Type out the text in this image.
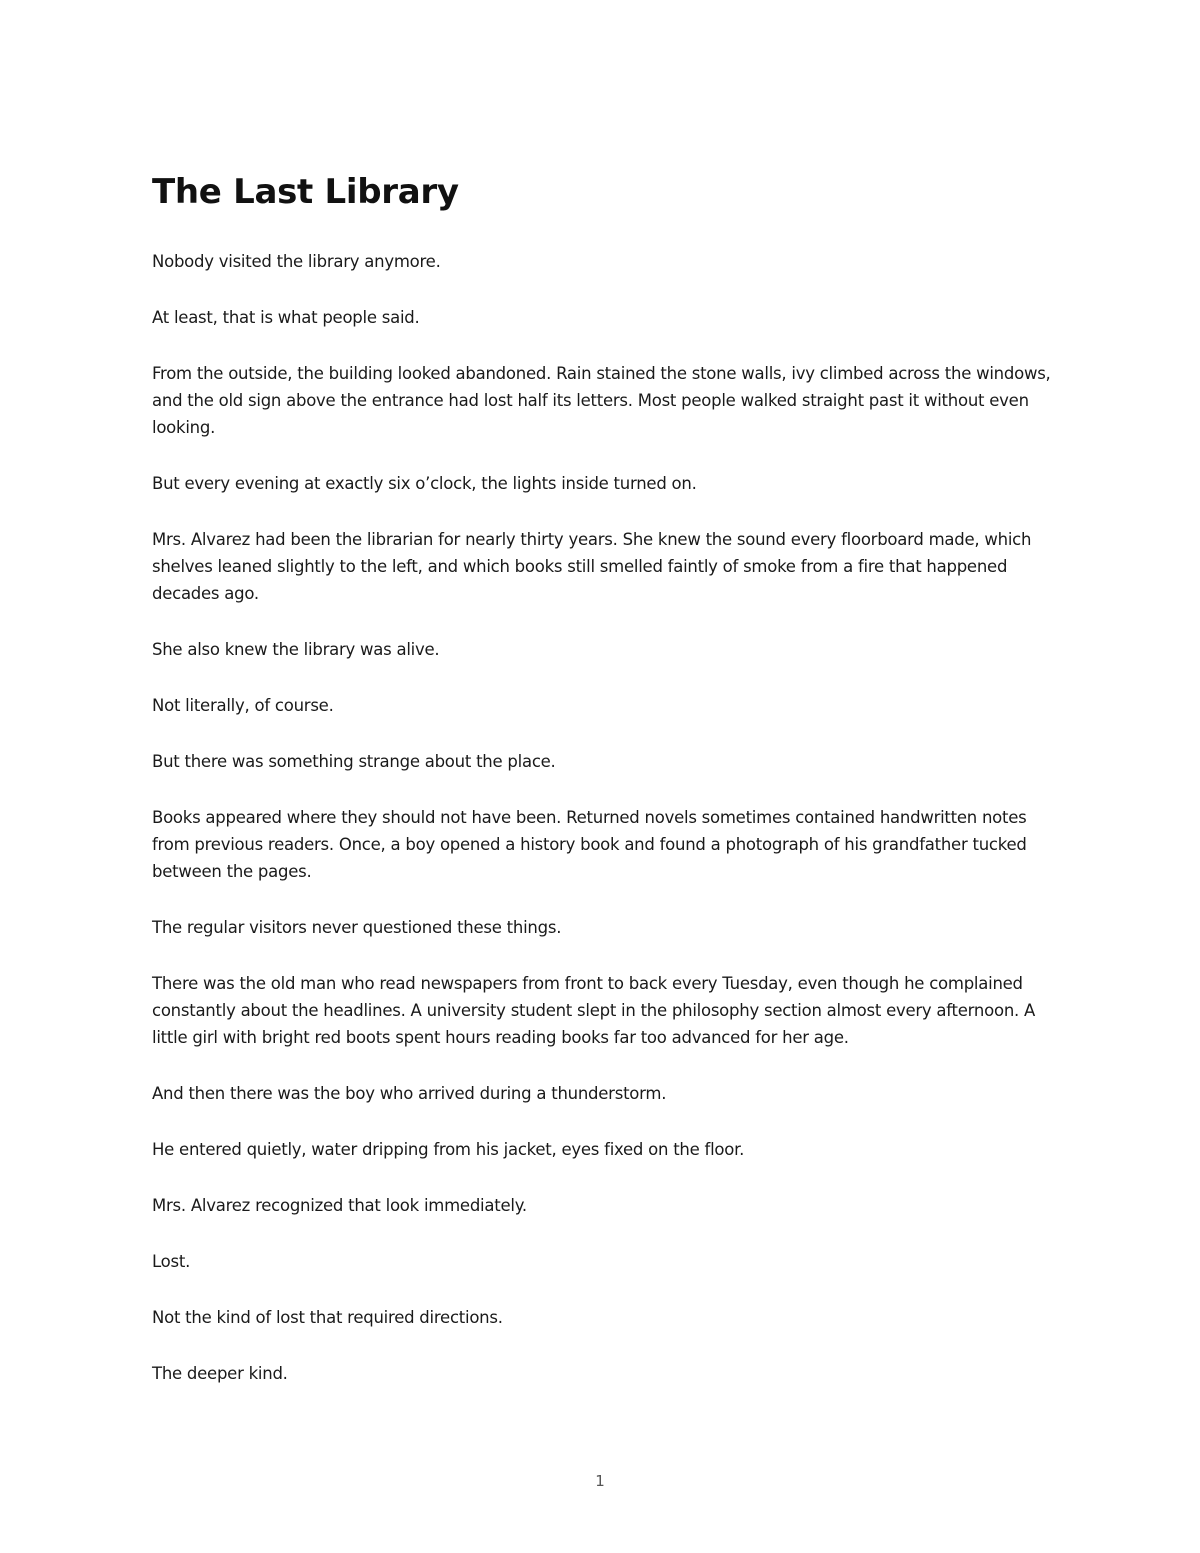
The Last Library

Nobody visited the library anymore.

At least, that is what people said.

From the outside, the building looked abandoned. Rain stained the stone walls, ivy climbed across the windows, and the old sign above the entrance had lost half its letters. Most people walked straight past it without even looking.

But every evening at exactly six o’clock, the lights inside turned on.

Mrs. Alvarez had been the librarian for nearly thirty years. She knew the sound every floorboard made, which shelves leaned slightly to the left, and which books still smelled faintly of smoke from a fire that happened decades ago.

She also knew the library was alive.

Not literally, of course.

But there was something strange about the place.

Books appeared where they should not have been. Returned novels sometimes contained handwritten notes from previous readers. Once, a boy opened a history book and found a photograph of his grandfather tucked between the pages.

The regular visitors never questioned these things.

There was the old man who read newspapers from front to back every Tuesday, even though he complained constantly about the headlines. A university student slept in the philosophy section almost every afternoon. A little girl with bright red boots spent hours reading books far too advanced for her age.

And then there was the boy who arrived during a thunderstorm.

He entered quietly, water dripping from his jacket, eyes fixed on the floor.

Mrs. Alvarez recognized that look immediately.

Lost.

Not the kind of lost that required directions.

The deeper kind.

1
